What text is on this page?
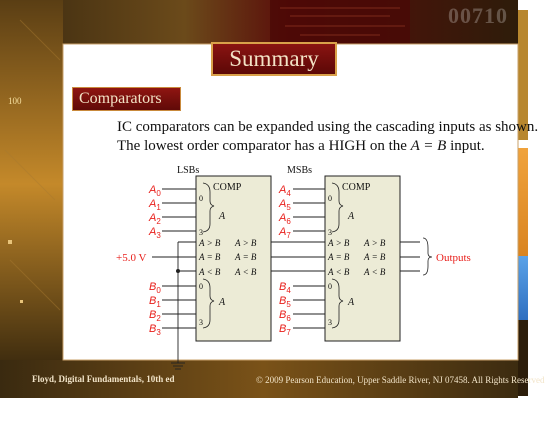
00710
100
Summary
Comparators
IC comparators can be expanded using the cascading inputs as shown.
The lowest order comparator has a HIGH on the A = B input.
LSBs	MSBs
COMP	COMP
0
3
0
3
0
3
0
3
A	A
A	A
A > B
A = B
A < B
A > B
A = B
A < B
A > B
A = B
A < B
A > B
A = B
A < B
$A_0$
$A_1$
$A_2$
$A_3$
$B_0$
$B_1$
$B_2$
$B_3$
$A_4$
$A_5$
$A_6$
$A_7$
$B_4$
$B_5$
$B_6$
$B_7$
+5.0 V	Outputs
Floyd, Digital Fundamentals, 10th ed	© 2009 Pearson Education, Upper Saddle River, NJ 07458. All Rights Reserved
